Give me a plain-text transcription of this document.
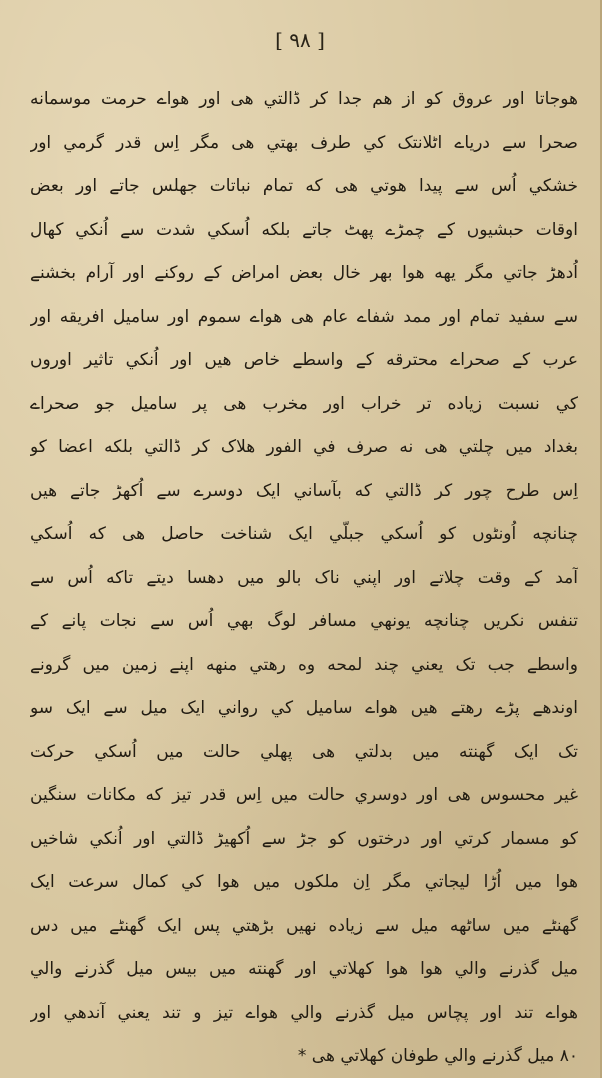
[ ۹۸ ]
هوجاتا اور عروق کو از هم جدا کر ڈالتي هی اور هواے حرمت موسمانه
صحرا سے دریاے اٹلانتک کي طرف بهتي هی مگر اِس قدر گرمي اور
خشکي اُس سے پیدا هوتي هی که تمام نباتات جهلس جاتے اور بعض
اوقات حبشیوں کے چمڑے پهٹ جاتے بلکه اُسکي شدت سے اُنکي کهال
اُدهڑ جاتي مگر یهه هوا بهر خال بعض امراض کے روکنے اور آرام بخشنے
سے سفید تمام اور ممد شفاے عام هی هواے سموم اور سامیل افریقه اور
عرب کے صحراے محترقه کے واسطے خاص هیں اور اُنکي تاثیر اوروں
کي نسبت زیاده تر خراب اور مخرب هی پر سامیل جو صحراے
بغداد میں چلتي هی نه صرف في الفور هلاک کر ڈالتي بلکه اعضا کو
اِس طرح چور کر ڈالتي که بآساني ایک دوسرے سے اُکهڑ جاتے هیں
چنانچه اُونٹوں کو اُسکي جبلّي ایک شناخت حاصل هی که اُسکي
آمد کے وقت چلاتے اور اپني ناک بالو میں دهسا دیتے تاکه اُس سے
تنفس نکریں چنانچه یونهي مسافر لوگ بهي اُس سے نجات پانے کے
واسطے جب تک یعني چند لمحه وه رهتي منهه اپنے زمین میں گرونے
اوندهے پڑے رهتے هیں هواے سامیل کي رواني ایک میل سے ایک سو
تک ایک گهنته میں بدلتي هی پهلي حالت میں اُسکي حرکت
غیر محسوس هی اور دوسري حالت میں اِس قدر تیز که مکانات سنگین
کو مسمار کرتي اور درختوں کو جڑ سے اُکهیڑ ڈالتي اور اُنکي شاخیں
هوا میں اُڑا لیجاتي مگر اِن ملکوں میں هوا کي کمال سرعت ایک
گهنٹے میں ساٹهه میل سے زیاده نهیں بڑهتي پس ایک گهنٹے میں دس
میل گذرنے والي هوا هوا کهلاتي اور گهنته میں بیس میل گذرنے والي
هواے تند اور پچاس میل گذرنے والي هواے تیز و تند یعني آندهي اور
۸۰ میل گذرنے والي طوفان کهلاتي هی *
